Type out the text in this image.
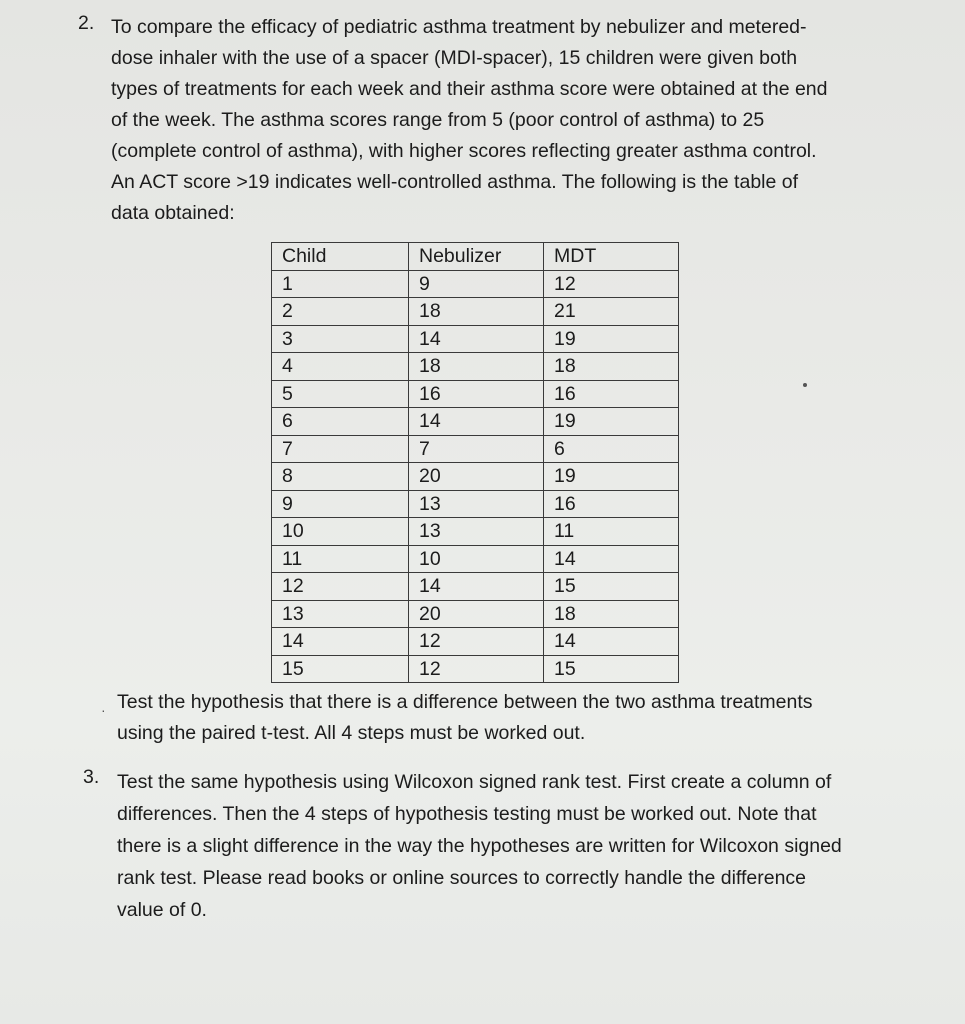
2. To compare the efficacy of pediatric asthma treatment by nebulizer and metered-
dose inhaler with the use of a spacer (MDI-spacer), 15 children were given both
types of treatments for each week and their asthma score were obtained at the end
of the week. The asthma scores range from 5 (poor control of asthma) to 25
(complete control of asthma), with higher scores reflecting greater asthma control.
An ACT score >19 indicates well-controlled asthma. The following is the table of
data obtained:

Child	Nebulizer	MDT
1	9	12
2	18	21
3	14	19
4	18	18
5	16	16
6	14	19
7	7	6
8	20	19
9	13	16
10	13	11
11	10	14
12	14	15
13	20	18
14	12	14
15	12	15
· Test the hypothesis that there is a difference between the two asthma treatments
using the paired t-test. All 4 steps must be worked out.

3. Test the same hypothesis using Wilcoxon signed rank test. First create a column of
differences. Then the 4 steps of hypothesis testing must be worked out. Note that
there is a slight difference in the way the hypotheses are written for Wilcoxon signed
rank test. Please read books or online sources to correctly handle the difference
value of 0.
